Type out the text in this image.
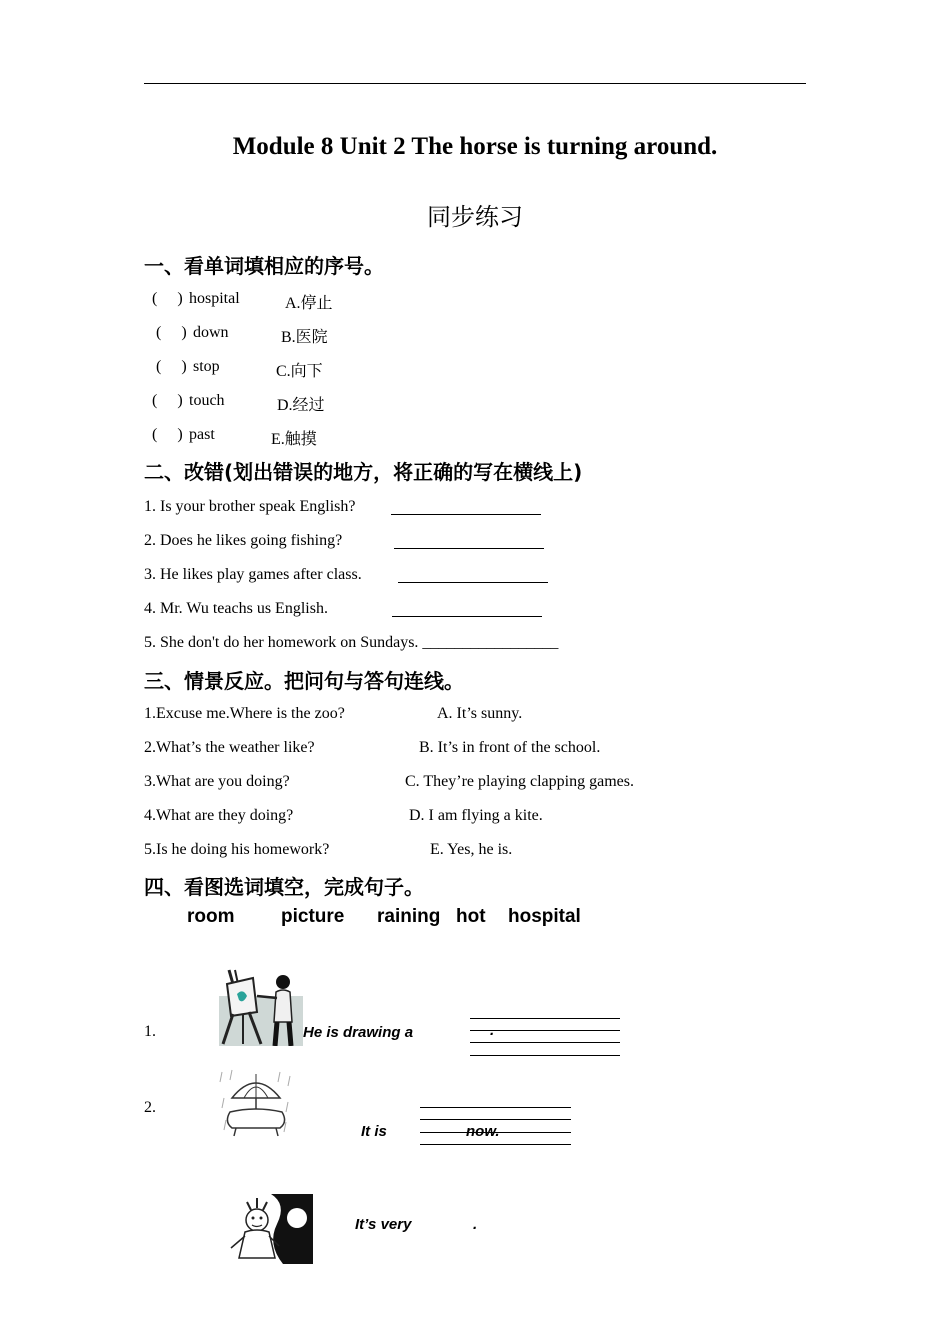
Module 8 Unit 2 The horse is turning around.
同步练习
一、看单词填相应的序号。
(     ) hospital	A.停止
(     ) down	B.医院
(     ) stop	C.向下
(     ) touch	D.经过
(     ) past	E.触摸
二、改错(划出错误的地方，将正确的写在横线上)
1. Is your brother speak English?
2. Does he likes going fishing?
3. He likes play games after class.
4. Mr. Wu teachs us English.
5. She don't do her homework on Sundays. _________________
三、情景反应。把问句与答句连线。
1.Excuse me.Where is the zoo?	A. It’s sunny.
2.What’s the weather like?	B. It’s in front of the school.
3.What are you doing?	C. They’re playing clapping games.
4.What are they doing?	D. I am flying a kite.
5.Is he doing his homework?	E. Yes, he is.
四、看图选词填空，完成句子。
room picture raining hot hospital
1.	He is drawing a	.
2.
It is	now.
It’s very	.
